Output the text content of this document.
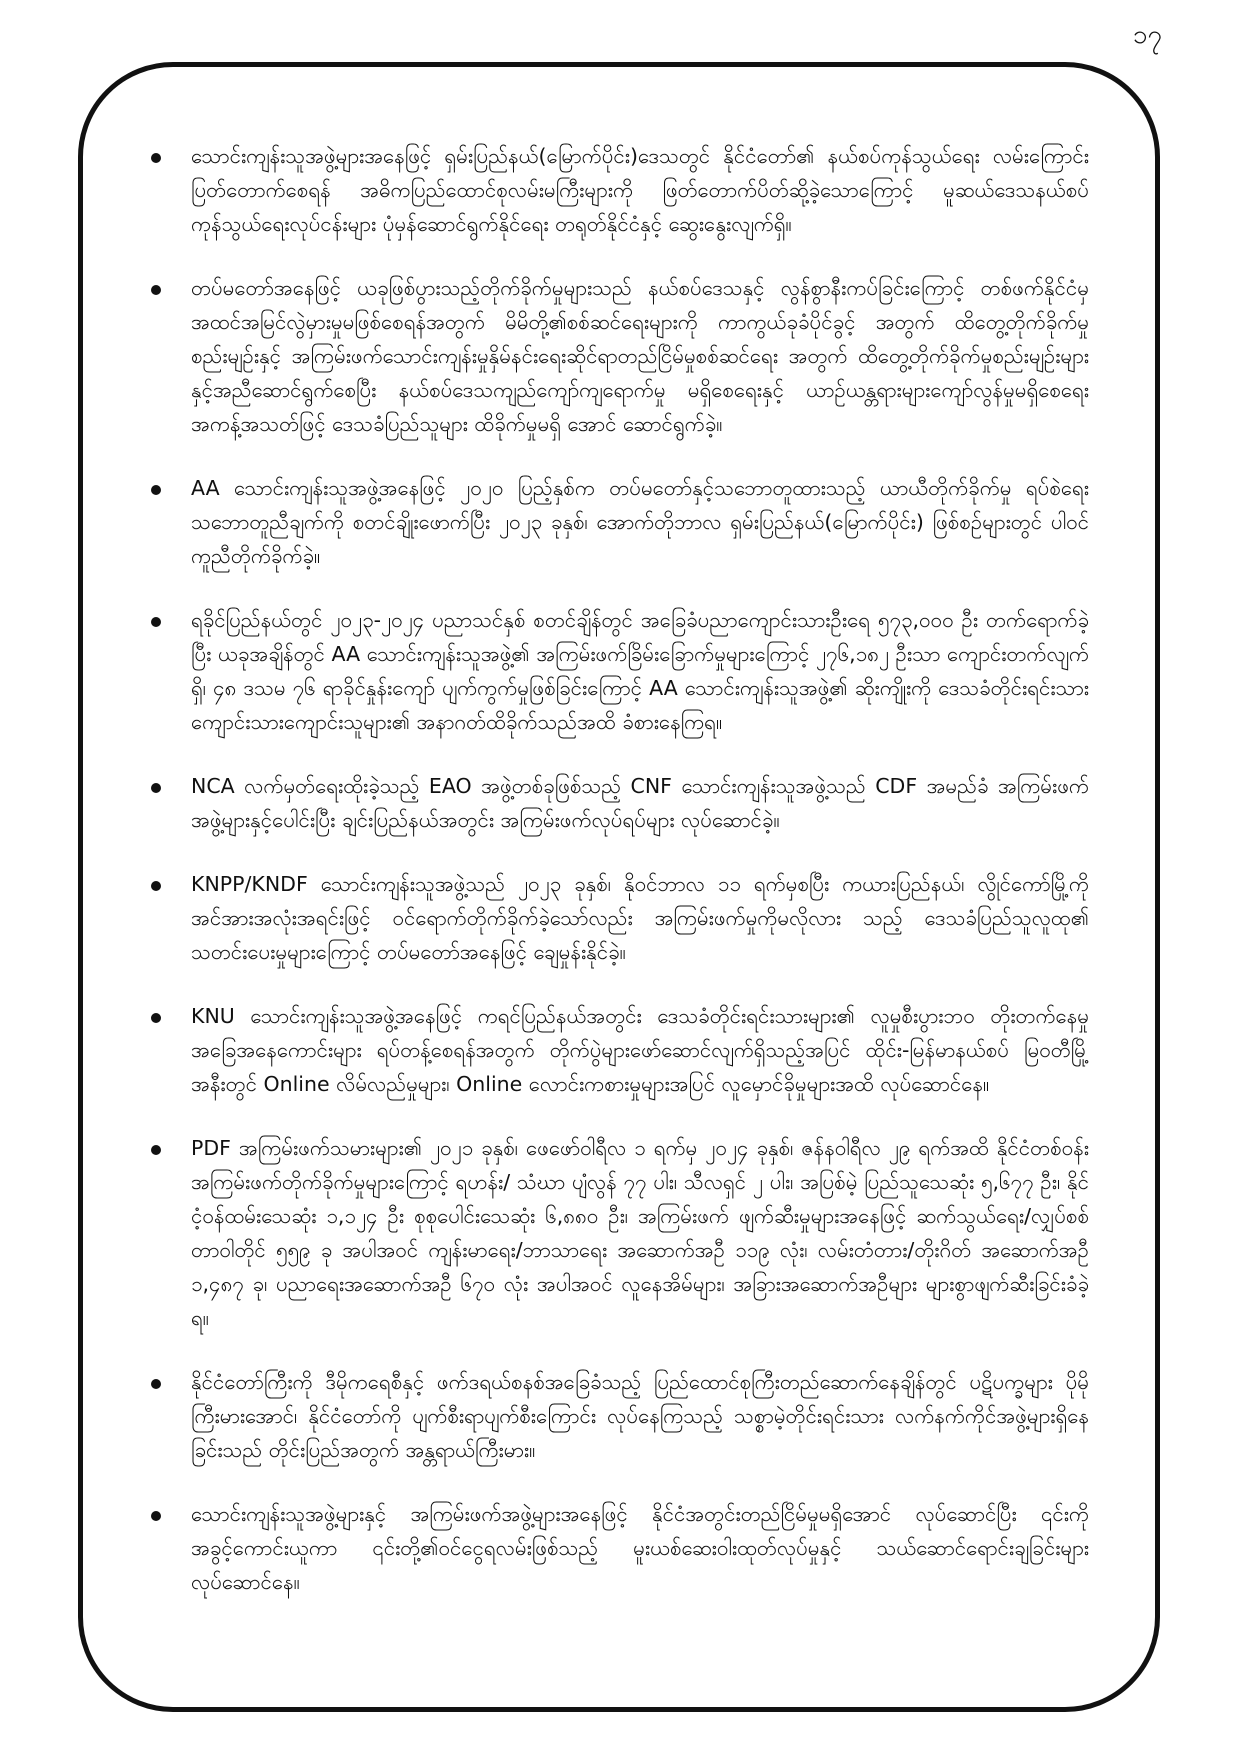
၁၇
သောင်းကျန်းသူအဖွဲ့များအနေဖြင့် ရှမ်းပြည်နယ်(မြောက်ပိုင်း)ဒေသတွင် နိုင်ငံတော်၏ နယ်စပ်ကုန်သွယ်ရေး လမ်းကြောင်းပြတ်တောက်စေရန် အဓိကပြည်ထောင်စုလမ်းမကြီးများကို ဖြတ်တောက်ပိတ်ဆို့ခဲ့သောကြောင့် မူဆယ်ဒေသနယ်စပ်ကုန်သွယ်ရေးလုပ်ငန်းများ ပုံမှန်ဆောင်ရွက်နိုင်ရေး တရုတ်နိုင်ငံနှင့် ဆွေးနွေးလျက်ရှိ။
တပ်မတော်အနေဖြင့် ယခုဖြစ်ပွားသည့်တိုက်ခိုက်မှုများသည် နယ်စပ်ဒေသနှင့် လွန်စွာနီးကပ်ခြင်းကြောင့် တစ်ဖက်နိုင်ငံမှ အထင်အမြင်လွဲမှားမှုမဖြစ်စေရန်အတွက် မိမိတို့၏စစ်ဆင်ရေးများကို ကာကွယ်ခုခံပိုင်ခွင့် အတွက် ထိတွေ့တိုက်ခိုက်မှုစည်းမျဉ်းနှင့် အကြမ်းဖက်သောင်းကျန်းမှုနှိမ်နင်းရေးဆိုင်ရာတည်ငြိမ်မှုစစ်ဆင်ရေး အတွက် ထိတွေ့တိုက်ခိုက်မှုစည်းမျဉ်းများနှင့်အညီဆောင်ရွက်စေပြီး နယ်စပ်ဒေသကျည်ကျော်ကျရောက်မှု မရှိစေရေးနှင့် ယာဉ်ယန္တရားများကျော်လွန်မှုမရှိစေရေး အကန့်အသတ်ဖြင့် ဒေသခံပြည်သူများ ထိခိုက်မှုမရှိ အောင် ဆောင်ရွက်ခဲ့။
AA သောင်းကျန်းသူအဖွဲ့အနေဖြင့် ၂၀၂၀ ပြည့်နှစ်က တပ်မတော်နှင့်သဘောတူထားသည့် ယာယီတိုက်ခိုက်မှု ရပ်စဲရေးသဘောတူညီချက်ကို စတင်ချိုးဖောက်ပြီး ၂၀၂၃ ခုနှစ်၊ အောက်တိုဘာလ ရှမ်းပြည်နယ်(မြောက်ပိုင်း) ဖြစ်စဉ်များတွင် ပါဝင်ကူညီတိုက်ခိုက်ခဲ့။
ရခိုင်ပြည်နယ်တွင် ၂၀၂၃-၂၀၂၄ ပညာသင်နှစ် စတင်ချိန်တွင် အခြေခံပညာကျောင်းသားဦးရေ ၅၇၃,၀၀၀ ဦး တက်ရောက်ခဲ့ပြီး ယခုအချိန်တွင် AA သောင်းကျန်းသူအဖွဲ့၏ အကြမ်းဖက်ခြိမ်းခြောက်မှုများကြောင့် ၂၇၆,၁၈၂ ဦးသာ ကျောင်းတက်လျက်ရှိ၊ ၄၈ ဒသမ ၇၆ ရာခိုင်နှုန်းကျော် ပျက်ကွက်မှုဖြစ်ခြင်းကြောင့် AA သောင်းကျန်းသူအဖွဲ့၏ ဆိုးကျိုးကို ဒေသခံတိုင်းရင်းသား ကျောင်းသားကျောင်းသူများ၏ အနာဂတ်ထိခိုက်သည်အထိ ခံစားနေကြရ။
NCA လက်မှတ်ရေးထိုးခဲ့သည့် EAO အဖွဲ့တစ်ခုဖြစ်သည့် CNF သောင်းကျန်းသူအဖွဲ့သည် CDF အမည်ခံ အကြမ်းဖက်အဖွဲ့များနှင့်ပေါင်းပြီး ချင်းပြည်နယ်အတွင်း အကြမ်းဖက်လုပ်ရပ်များ လုပ်ဆောင်ခဲ့။
KNPP/KNDF သောင်းကျန်းသူအဖွဲ့သည် ၂၀၂၃ ခုနှစ်၊ နိုဝင်ဘာလ ၁၁ ရက်မှစပြီး ကယားပြည်နယ်၊ လွိုင်ကော်မြို့ကို အင်အားအလုံးအရင်းဖြင့် ဝင်ရောက်တိုက်ခိုက်ခဲ့သော်လည်း အကြမ်းဖက်မှုကိုမလိုလား သည့် ဒေသခံပြည်သူလူထု၏ သတင်းပေးမှုများကြောင့် တပ်မတော်အနေဖြင့် ချေမှုန်းနိုင်ခဲ့။
KNU သောင်းကျန်းသူအဖွဲ့အနေဖြင့် ကရင်ပြည်နယ်အတွင်း ဒေသခံတိုင်းရင်းသားများ၏ လူမှုစီးပွားဘဝ တိုးတက်နေမှုအခြေအနေကောင်းများ ရပ်တန့်စေရန်အတွက် တိုက်ပွဲများဖော်ဆောင်လျက်ရှိသည့်အပြင် ထိုင်း-မြန်မာနယ်စပ် မြဝတီမြို့အနီးတွင် Online လိမ်လည်မှုများ၊ Online လောင်းကစားမှုများအပြင် လူမှောင်ခိုမှုများအထိ လုပ်ဆောင်နေ။
PDF အကြမ်းဖက်သမားများ၏ ၂၀၂၁ ခုနှစ်၊ ဖေဖော်ဝါရီလ ၁ ရက်မှ ၂၀၂၄ ခုနှစ်၊ ဇန်နဝါရီလ ၂၉ ရက်အထိ နိုင်ငံတစ်ဝန်းအကြမ်းဖက်တိုက်ခိုက်မှုများကြောင့် ရဟန်း/ သံဃာ ပျံလွန် ၇၇ ပါး၊ သီလရှင် ၂ ပါး၊ အပြစ်မဲ့ ပြည်သူသေဆုံး ၅,၆၇၇ ဦး၊ နိုင်ငံ့ဝန်ထမ်းသေဆုံး ၁,၁၂၄ ဦး စုစုပေါင်းသေဆုံး ၆,၈၈၀ ဦး၊ အကြမ်းဖက် ဖျက်ဆီးမှုများအနေဖြင့် ဆက်သွယ်ရေး/လျှပ်စစ်တာဝါတိုင် ၅၅၉ ခု အပါအဝင် ကျန်းမာရေး/ဘာသာရေး အဆောက်အဦ ၁၁၉ လုံး၊ လမ်းတံတား/တိုးဂိတ် အဆောက်အဦ ၁,၄၈၇ ခု၊ ပညာရေးအဆောက်အဦ ၆၇၀ လုံး အပါအဝင် လူနေအိမ်များ၊ အခြားအဆောက်အဦများ များစွာဖျက်ဆီးခြင်းခံခဲ့ရ။
နိုင်ငံတော်ကြီးကို ဒီမိုကရေစီနှင့် ဖက်ဒရယ်စနစ်အခြေခံသည့် ပြည်ထောင်စုကြီးတည်ဆောက်နေချိန်တွင် ပဋိပက္ခများ ပိုမိုကြီးမားအောင်၊ နိုင်ငံတော်ကို ပျက်စီးရာပျက်စီးကြောင်း လုပ်နေကြသည့် သစ္စာမဲ့တိုင်းရင်းသား လက်နက်ကိုင်အဖွဲ့များရှိနေခြင်းသည် တိုင်းပြည်အတွက် အန္တရာယ်ကြီးမား။
သောင်းကျန်းသူအဖွဲ့များနှင့် အကြမ်းဖက်အဖွဲ့များအနေဖြင့် နိုင်ငံအတွင်းတည်ငြိမ်မှုမရှိအောင် လုပ်ဆောင်ပြီး ၎င်းကို အခွင့်ကောင်းယူကာ ၎င်းတို့၏ဝင်ငွေရလမ်းဖြစ်သည့် မူးယစ်ဆေးဝါးထုတ်လုပ်မှုနှင့် သယ်ဆောင်ရောင်းချခြင်းများ လုပ်ဆောင်နေ။
